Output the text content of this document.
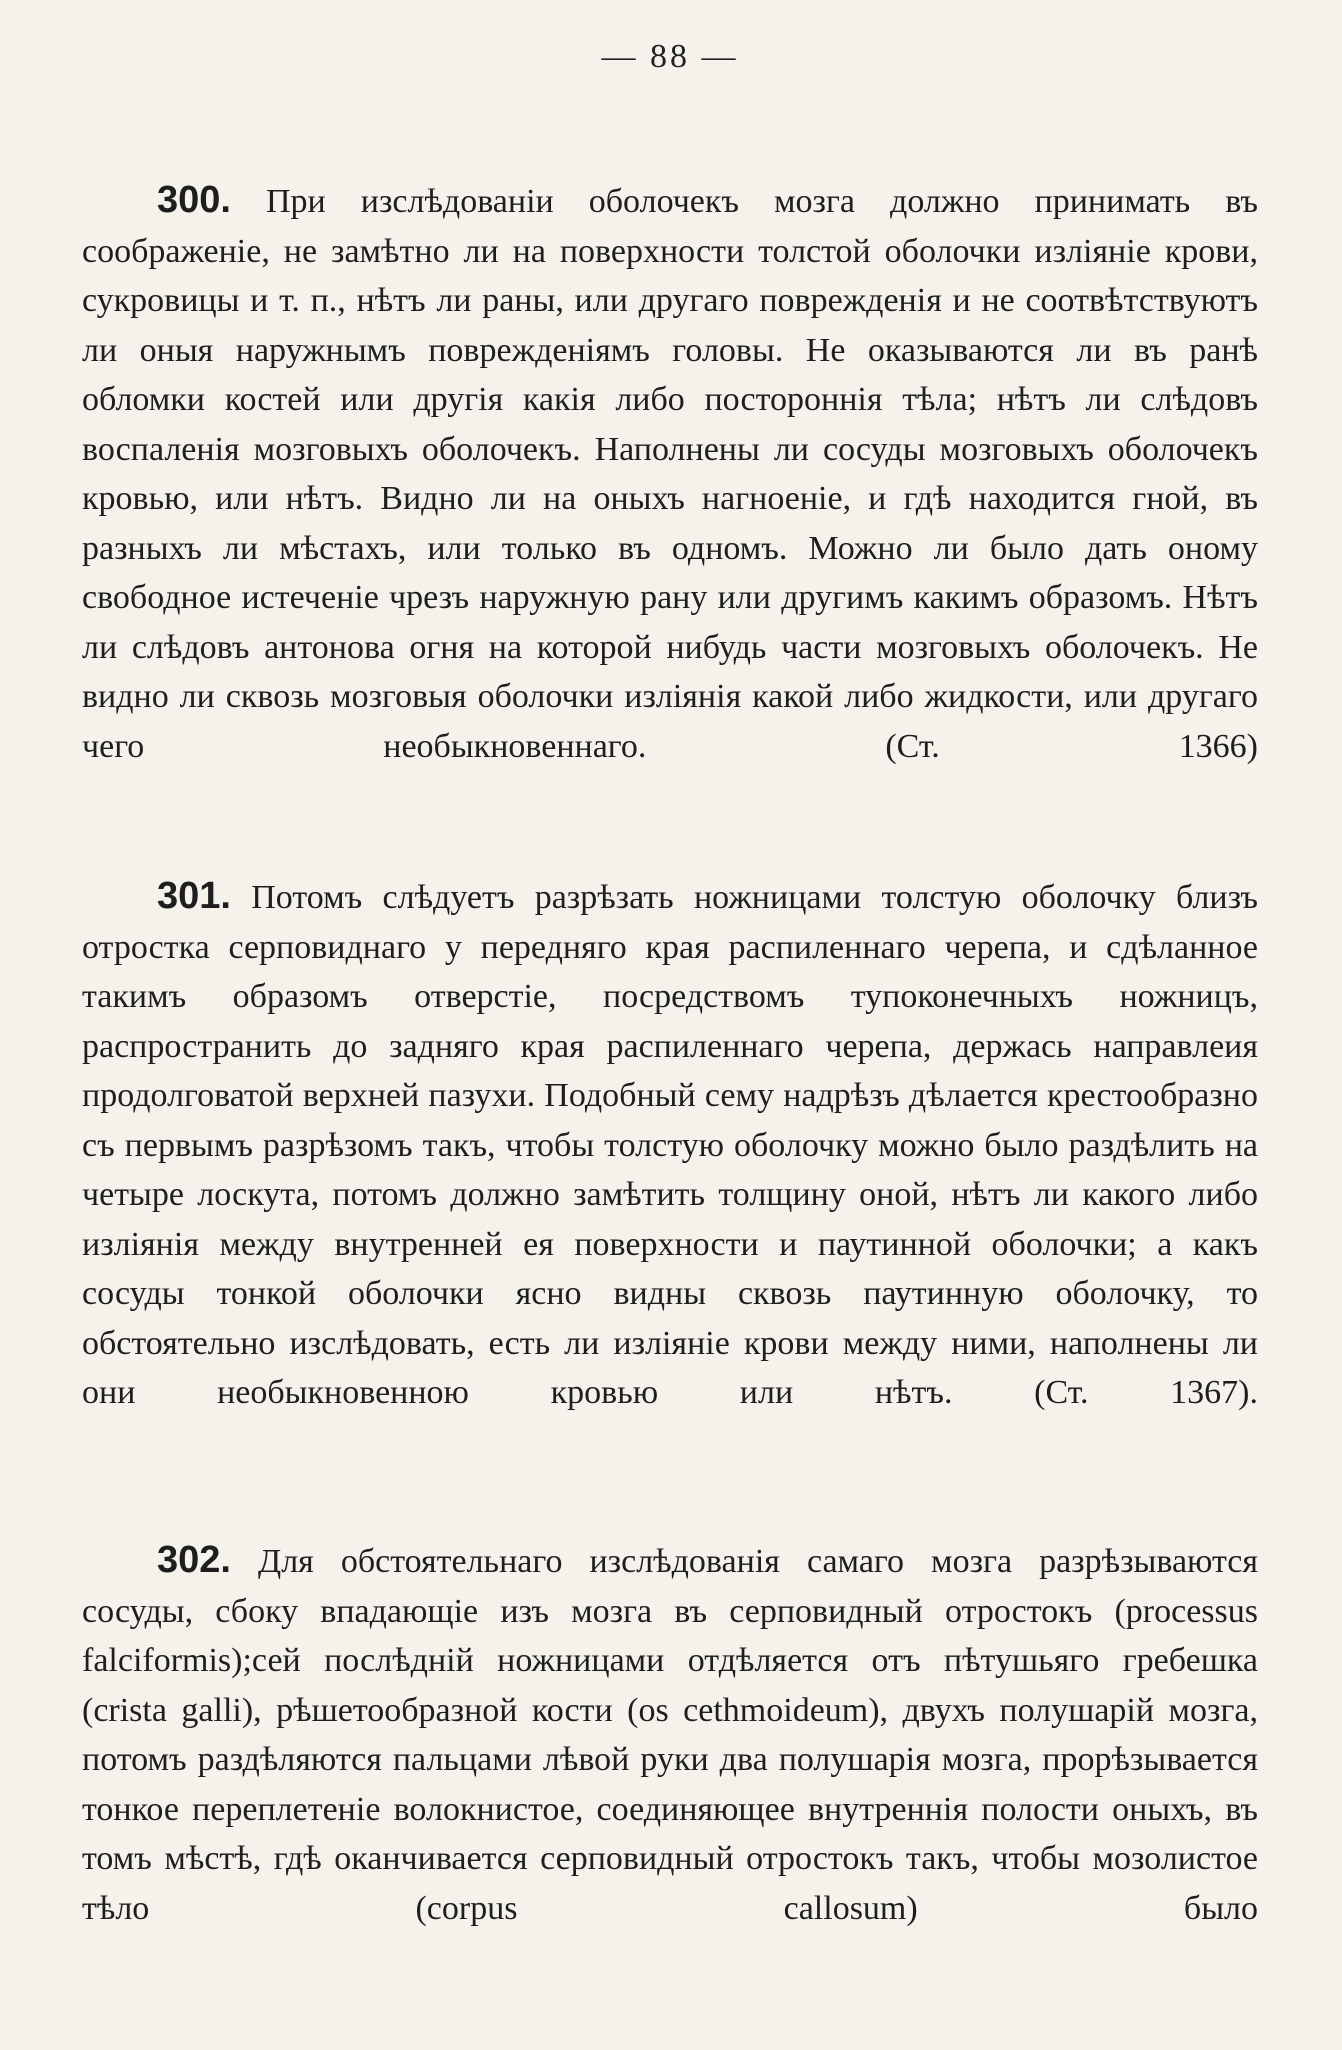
— 88 —

300. При изслѣдованіи оболочекъ мозга должно принимать въ соображеніе, не замѣтно ли на поверхности толстой оболочки изліяніе крови, сукровицы и т. п., нѣтъ ли раны, или другаго поврежденія и не соотвѣтствуютъ ли оныя наружнымъ повреждeніямъ головы. Не оказываются ли въ ранѣ обломки костей или другія какія либо постороннія тѣла; нѣтъ ли слѣдовъ воспаленія мозговыхъ оболочекъ. Наполнены ли сосуды мозговыхъ оболочекъ кровью, или нѣтъ. Видно ли на оныхъ нагноеніе, и гдѣ находится гной, въ разныхъ ли мѣстахъ, или только въ одномъ. Можно ли было дать оному свободное истеченіе чрезъ наружную рану или другимъ какимъ образомъ. Нѣтъ ли слѣдовъ антонова огня на которой нибудь части мозговыхъ оболочекъ. Не видно ли сквозь мозговыя оболочки изліянія какой либо жидкости, или другаго чего необыкновеннаго. (Ст. 1366)

301. Потомъ слѣдуетъ разрѣзать ножницами толстую оболочку близъ отростка серповиднаго у передняго края распиленнаго черепа, и сдѣланное такимъ образомъ отверстіе, посредствомъ тупоконечныхъ ножницъ, распространить до задняго края распиленнаго черепа, держась направлеия продолговатой верхней пазухи. Подобный сему надрѣзъ дѣлается крестообразно съ первымъ разрѣзомъ такъ, чтобы толстую оболочку можно было раздѣлить на четыре лоскута, потомъ должно замѣтить толщину оной, нѣтъ ли какого либо изліянія между внутренней ея поверхности и паутинной оболочки; а какъ сосуды тонкой оболочки ясно видны сквозь паутинную оболочку, то обстоятельно изслѣдовать, есть ли изліяніе крови между ними, наполнены ли они необыкновенною кровью или нѣтъ. (Ст. 1367).

302. Для обстоятельнаго изслѣдованія самаго мозга разрѣзываются сосуды, сбоку впадающіе изъ мозга въ серповидный отростокъ (processus falciformis);сей послѣдній ножницами отдѣляется отъ пѣтушьяго гребешка (crista galli), рѣшетообразной кости (os cethmoideum), двухъ полушарій мозга, потомъ раздѣляются пальцами лѣвой руки два полушарія мозга, прорѣзывается тонкое переплетеніе волокнистое, соединяющее внутреннія полости оныхъ, въ томъ мѣстѣ, гдѣ оканчивается серповидный отростокъ такъ, чтобы мозолистое тѣло (corpus callosum) было
